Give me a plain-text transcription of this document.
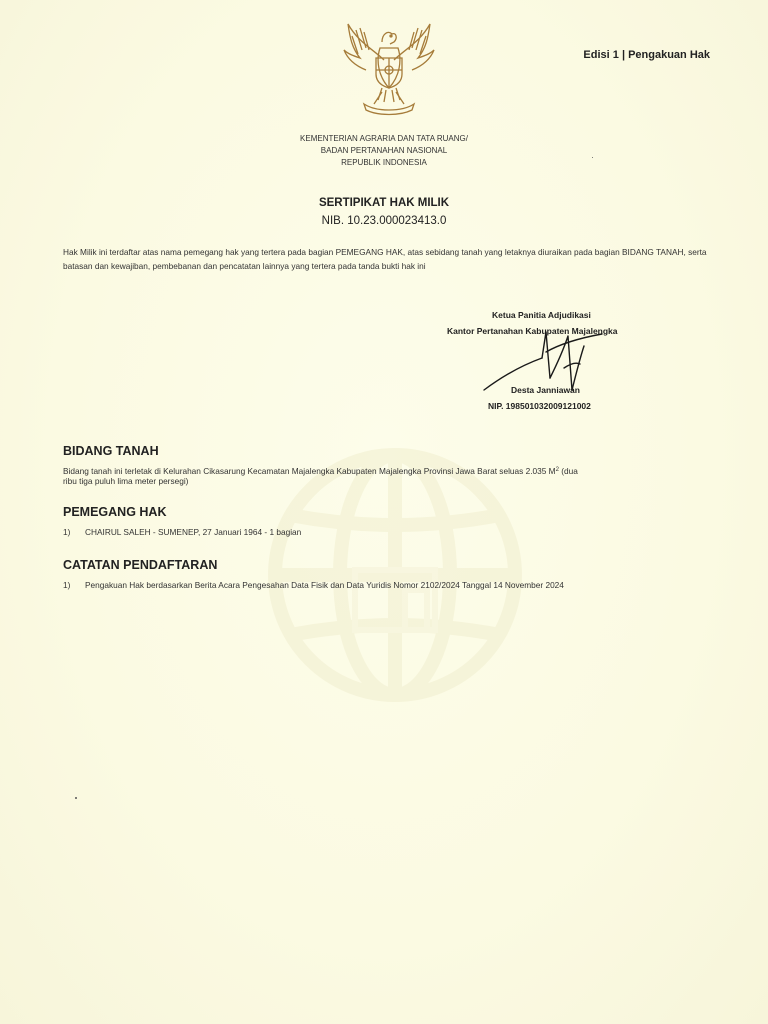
Edisi 1 | Pengakuan Hak
KEMENTERIAN AGRARIA DAN TATA RUANG/
BADAN PERTANAHAN NASIONAL
REPUBLIK INDONESIA
SERTIPIKAT HAK MILIK
NIB. 10.23.000023413.0
Hak Milik ini terdaftar atas nama pemegang hak yang tertera pada bagian PEMEGANG HAK, atas sebidang tanah yang letaknya diuraikan pada bagian BIDANG TANAH, serta batasan dan kewajiban, pembebanan dan pencatatan lainnya yang tertera pada tanda bukti hak ini
Ketua Panitia Adjudikasi
Kantor Pertanahan Kabupaten Majalengka
Desta Janniawan
NIP. 198501032009121002
BIDANG TANAH
Bidang tanah ini terletak di Kelurahan Cikasarung Kecamatan Majalengka Kabupaten Majalengka Provinsi Jawa Barat seluas 2.035 $M^2$ (dua
ribu tiga puluh lima meter persegi)
PEMEGANG HAK
1) CHAIRUL SALEH - SUMENEP, 27 Januari 1964 - 1 bagian
CATATAN PENDAFTARAN
1) Pengakuan Hak berdasarkan Berita Acara Pengesahan Data Fisik dan Data Yuridis Nomor 2102/2024 Tanggal 14 November 2024
